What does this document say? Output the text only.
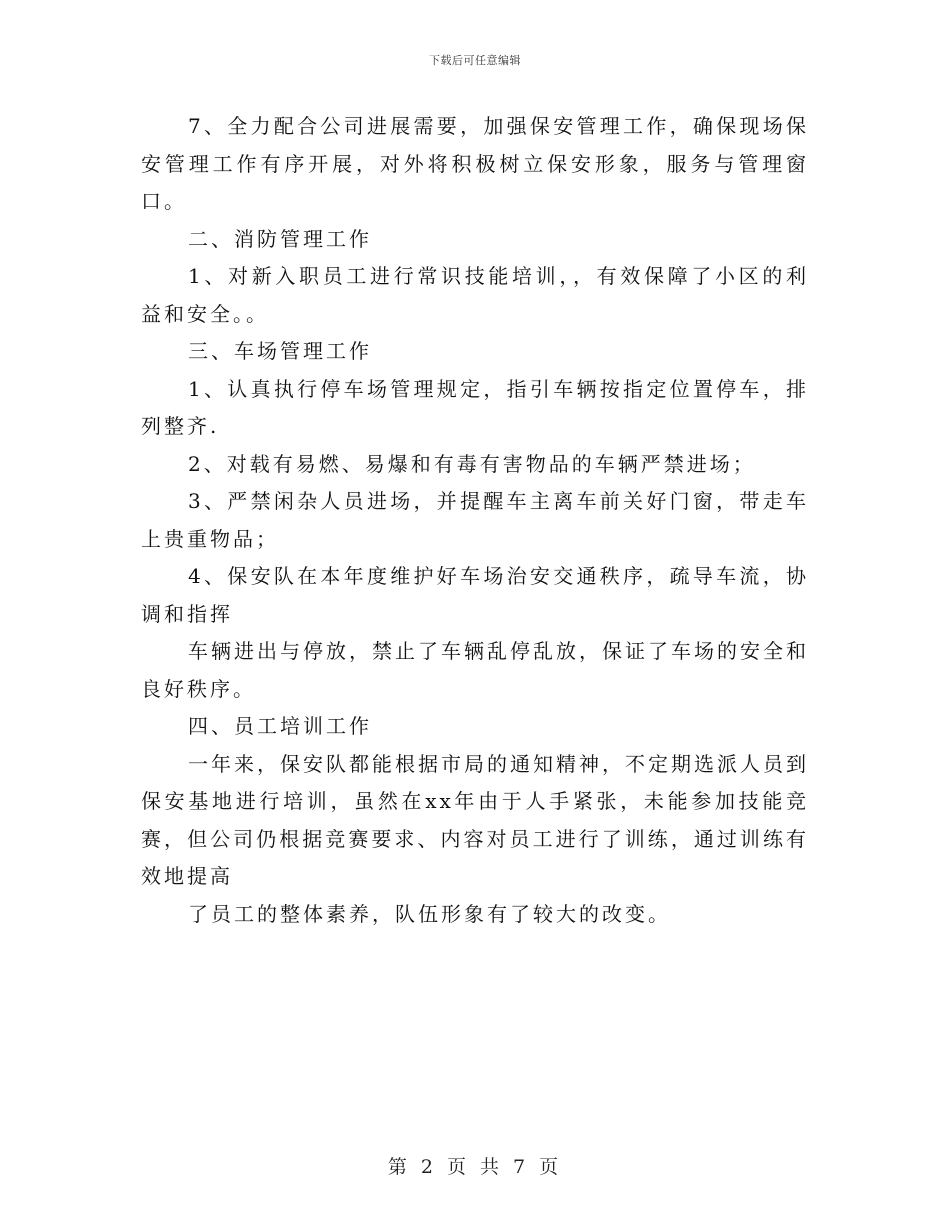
下载后可任意编辑

7、全力配合公司进展需要，加强保安管理工作，确保现场保安管理工作有序开展，对外将积极树立保安形象，服务与管理窗口。

二、消防管理工作

1、对新入职员工进行常识技能培训，，有效保障了小区的利益和安全。。

三、车场管理工作

1、认真执行停车场管理规定，指引车辆按指定位置停车，排列整齐.

2、对载有易燃、易爆和有毒有害物品的车辆严禁进场；

3、严禁闲杂人员进场，并提醒车主离车前关好门窗，带走车上贵重物品；

4、保安队在本年度维护好车场治安交通秩序，疏导车流，协调和指挥

车辆进出与停放，禁止了车辆乱停乱放，保证了车场的安全和良好秩序。

四、员工培训工作

一年来，保安队都能根据市局的通知精神，不定期选派人员到保安基地进行培训，虽然在xx年由于人手紧张，未能参加技能竞赛，但公司仍根据竞赛要求、内容对员工进行了训练，通过训练有效地提高

了员工的整体素养，队伍形象有了较大的改变。

第 2 页 共 7 页
